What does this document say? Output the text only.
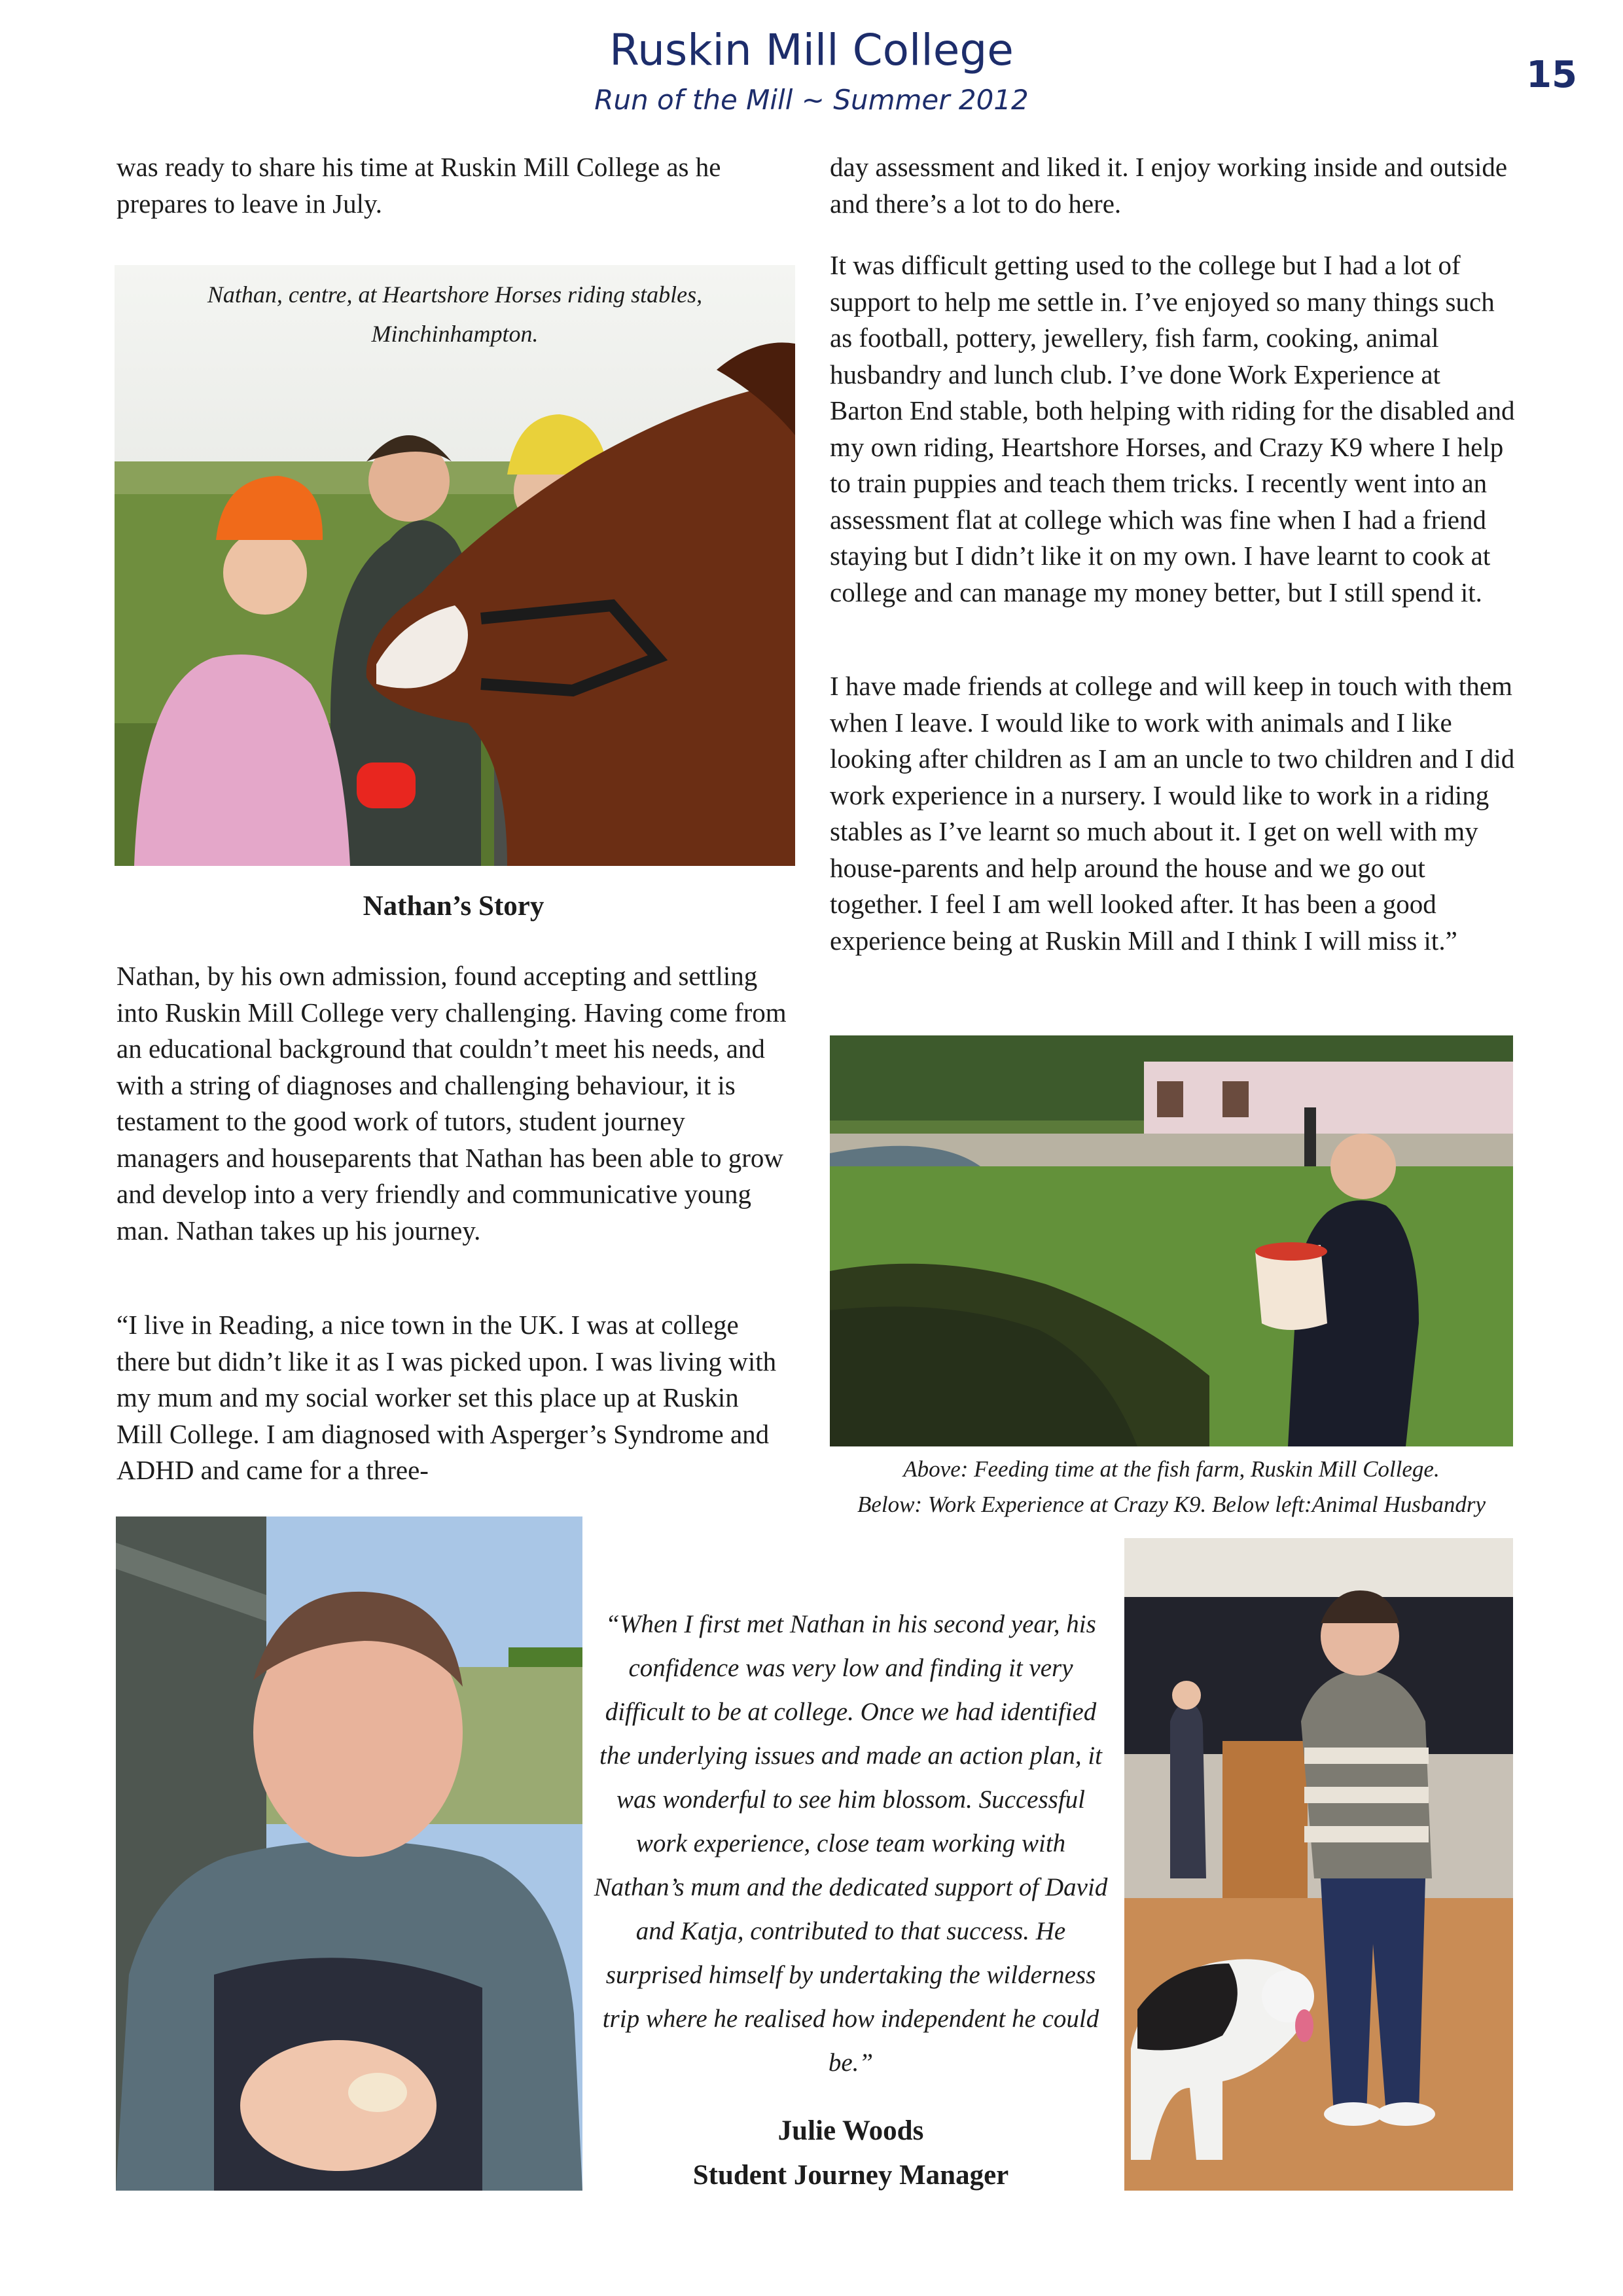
Ruskin Mill College
Run of the Mill ~ Summer 2012
15

was ready to share his time at Ruskin Mill College as he prepares to leave in July.

Nathan, centre, at Heartshore Horses riding stables, Minchinhampton.

Nathan’s Story

Nathan, by his own admission, found accepting and settling into Ruskin Mill College very challenging. Having come from an educational background that couldn’t meet his needs, and with a string of diagnoses and challenging behaviour, it is testament to the good work of tutors, student journey managers and houseparents that Nathan has been able to grow and develop into a very friendly and communicative young man. Nathan takes up his journey.

“I live in Reading, a nice town in the UK. I was at college there but didn’t like it as I was picked upon. I was living with my mum and my social worker set this place up at Ruskin Mill College. I am diagnosed with Asperger’s Syndrome and ADHD and came for a three-

day assessment and liked it. I enjoy working inside and outside and there’s a lot to do here.

It was difficult getting used to the college but I had a lot of support to help me settle in. I’ve enjoyed so many things such as football, pottery, jewellery, fish farm, cooking, animal husbandry and lunch club. I’ve done Work Experience at Barton End stable, both helping with riding for the disabled and my own riding, Heartshore Horses, and Crazy K9 where I help to train puppies and teach them tricks. I recently went into an assessment flat at college which was fine when I had a friend staying but I didn’t like it on my own. I have learnt to cook at college and can manage my money better, but I still spend it.

I have made friends at college and will keep in touch with them when I leave. I would like to work with animals and I like looking after children as I am an uncle to two children and I did work experience in a nursery. I would like to work in a riding stables as I’ve learnt so much about it. I get on well with my house-parents and help around the house and we go out together. I feel I am well looked after. It has been a good experience being at Ruskin Mill and I think I will miss it.”

Above: Feeding time at the fish farm, Ruskin Mill College.

Below: Work Experience at Crazy K9. Below left:Animal Husbandry

“When I first met Nathan in his second year, his confidence was very low and finding it very difficult to be at college. Once we had identified the underlying issues and made an action plan, it was wonderful to see him blossom. Successful work experience, close team working with Nathan’s mum and the dedicated support of David and Katja, contributed to that success. He surprised himself by undertaking the wilderness trip where he realised how independent he could be.”

Julie Woods
Student Journey Manager
